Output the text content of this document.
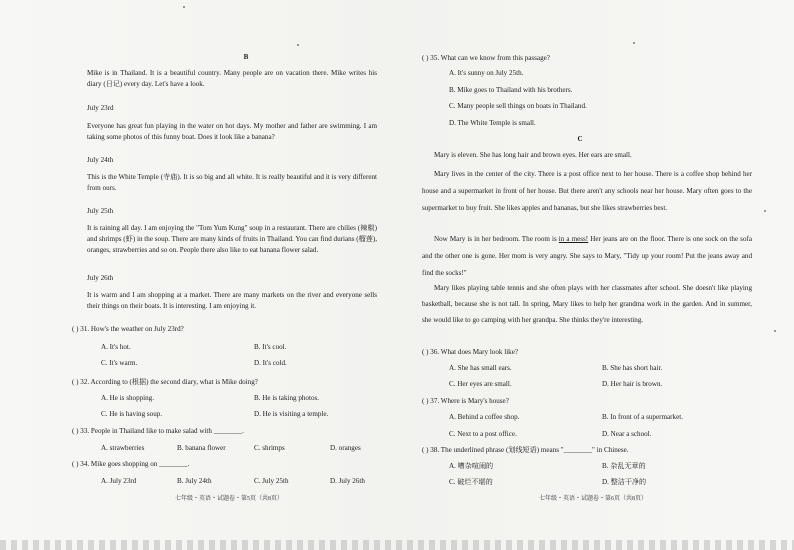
B
Mike is in Thailand. It is a beautiful country. Many people are on vacation there. Mike writes his diary (日记) every day. Let's have a look.
July 23rd
Everyone has great fun playing in the water on hot days. My mother and father are swimming. I am taking some photos of this funny boat. Does it look like a banana?
July 24th
This is the White Temple (寺庙). It is so big and all white. It is really beautiful and it is very different from ours.
July 25th
It is raining all day. I am enjoying the "Tom Yum Kung" soup in a restaurant. There are chilies (辣椒) and shrimps (虾) in the soup. There are many kinds of fruits in Thailand. You can find durians (榴莲), oranges, strawberries and so on. People there also like to eat banana flower salad.
July 26th
It is warm and I am shopping at a market. There are many markets on the river and everyone sells their things on their boats. It is interesting. I am enjoying it.
( ) 31. How's the weather on July 23rd?
A. It's hot.	B. It's cool.
C. It's warm.	D. It's cold.
( ) 32. According to (根据) the second diary, what is Mike doing?
A. He is shopping.	B. He is taking photos.
C. He is having soup.	D. He is visiting a temple.
( ) 33. People in Thailand like to make salad with ________.
A. strawberries	B. banana flower	C. shrimps	D. oranges
( ) 34. Mike goes shopping on ________.
A. July 23rd	B. July 24th	C. July 25th	D. July 26th
七年级・英语・试题卷・第5页（共8页）
( ) 35. What can we know from this passage?
A. It's sunny on July 25th.
B. Mike goes to Thailand with his brothers.
C. Many people sell things on boats in Thailand.
D. The White Temple is small.
C
Mary is eleven. She has long hair and brown eyes. Her ears are small.
Mary lives in the center of the city. There is a post office next to her house. There is a coffee shop behind her house and a supermarket in front of her house. But there aren't any schools near her house. Mary often goes to the supermarket to buy fruit. She likes apples and bananas, but she likes strawberries best.
Now Mary is in her bedroom. The room is in a mess! Her jeans are on the floor. There is one sock on the sofa and the other one is gone. Her mom is very angry. She says to Mary, "Tidy up your room! Put the jeans away and find the socks!"
Mary likes playing table tennis and she often plays with her classmates after school. She doesn't like playing basketball, because she is not tall. In spring, Mary likes to help her grandma work in the garden. And in summer, she would like to go camping with her grandpa. She thinks they're interesting.
( ) 36. What does Mary look like?
A. She has small ears.	B. She has short hair.
C. Her eyes are small.	D. Her hair is brown.
( ) 37. Where is Mary's house?
A. Behind a coffee shop.	B. In front of a supermarket.
C. Next to a post office.	D. Near a school.
( ) 38. The underlined phrase (划线短语) means "________" in Chinese.
A. 嘈杂喧闹的	B. 杂乱无章的
C. 破烂不堪的	D. 整洁干净的
七年级・英语・试题卷・第6页（共8页）
